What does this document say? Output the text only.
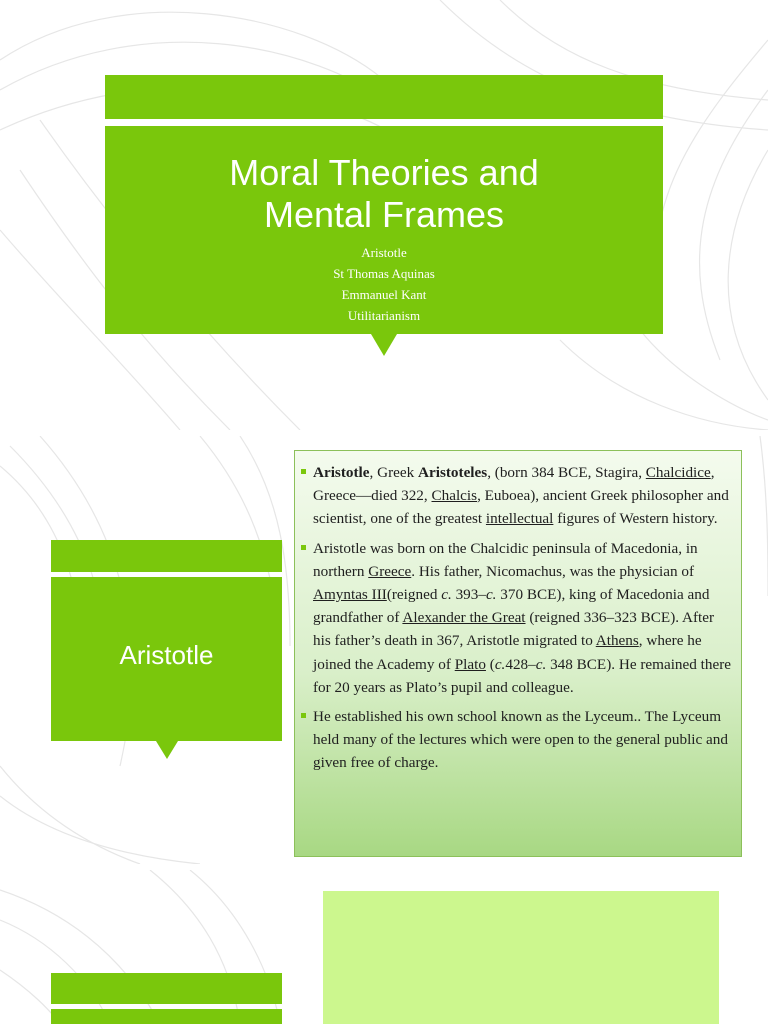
Moral Theories and
Mental Frames
Aristotle
St Thomas Aquinas
Emmanuel Kant
Utilitarianism
Aristotle
Aristotle, Greek Aristoteles, (born 384 BCE, Stagira, Chalcidice, Greece—died 322, Chalcis, Euboea), ancient Greek philosopher and scientist, one of the greatest intellectual figures of Western history.
Aristotle was born on the Chalcidic peninsula of Macedonia, in northern Greece. His father, Nicomachus, was the physician of Amyntas III(reigned c. 393–c. 370 BCE), king of Macedonia and grandfather of Alexander the Great (reigned 336–323 BCE). After his father’s death in 367, Aristotle migrated to Athens, where he joined the Academy of Plato (c.428–c. 348 BCE). He remained there for 20 years as Plato’s pupil and colleague.
He established his own school known as the Lyceum.. The Lyceum held many of the lectures which were open to the general public and given free of charge.
